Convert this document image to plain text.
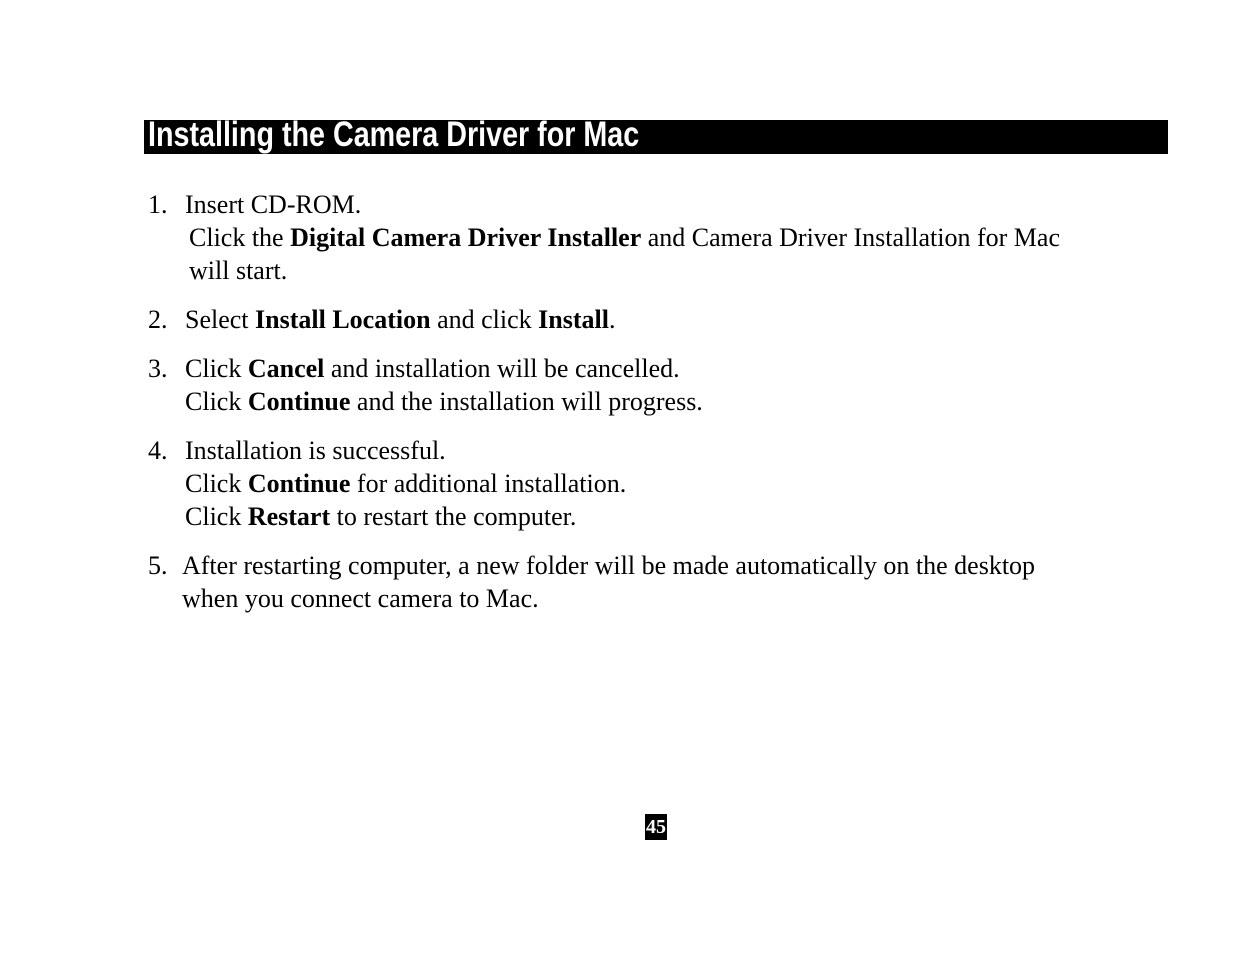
Installing the Camera Driver for Mac
1. Insert CD-ROM.
Click the Digital Camera Driver Installer and Camera Driver Installation for Mac
will start.
2. Select Install Location and click Install.
3. Click Cancel and installation will be cancelled.
Click Continue and the installation will progress.
4. Installation is successful.
Click Continue for additional installation.
Click Restart to restart the computer.
5. After restarting computer, a new folder will be made automatically on the desktop
when you connect camera to Mac.
45
